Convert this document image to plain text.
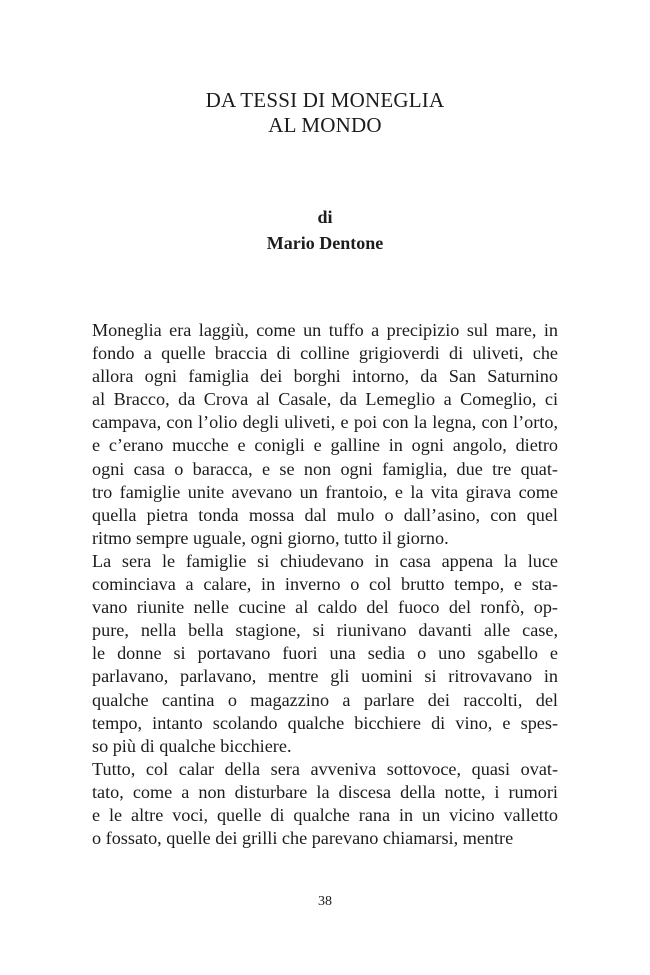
DA TESSI DI MONEGLIA
AL MONDO
di
Mario Dentone
Moneglia era laggiù, come un tuffo a precipizio sul mare, in
fondo a quelle braccia di colline grigioverdi di uliveti, che
allora ogni famiglia dei borghi intorno, da San Saturnino
al Bracco, da Crova al Casale, da Lemeglio a Comeglio, ci
campava, con l’olio degli uliveti, e poi con la legna, con l’orto,
e c’erano mucche e conigli e galline in ogni angolo, dietro
ogni casa o baracca, e se non ogni famiglia, due tre quat-
tro famiglie unite avevano un frantoio, e la vita girava come
quella pietra tonda mossa dal mulo o dall’asino, con quel
ritmo sempre uguale, ogni giorno, tutto il giorno.
La sera le famiglie si chiudevano in casa appena la luce
cominciava a calare, in inverno o col brutto tempo, e sta-
vano riunite nelle cucine al caldo del fuoco del ronfò, op-
pure, nella bella stagione, si riunivano davanti alle case,
le donne si portavano fuori una sedia o uno sgabello e
parlavano, parlavano, mentre gli uomini si ritrovavano in
qualche cantina o magazzino a parlare dei raccolti, del
tempo, intanto scolando qualche bicchiere di vino, e spes-
so più di qualche bicchiere.
Tutto, col calar della sera avveniva sottovoce, quasi ovat-
tato, come a non disturbare la discesa della notte, i rumori
e le altre voci, quelle di qualche rana in un vicino valletto
o fossato, quelle dei grilli che parevano chiamarsi, mentre
38
